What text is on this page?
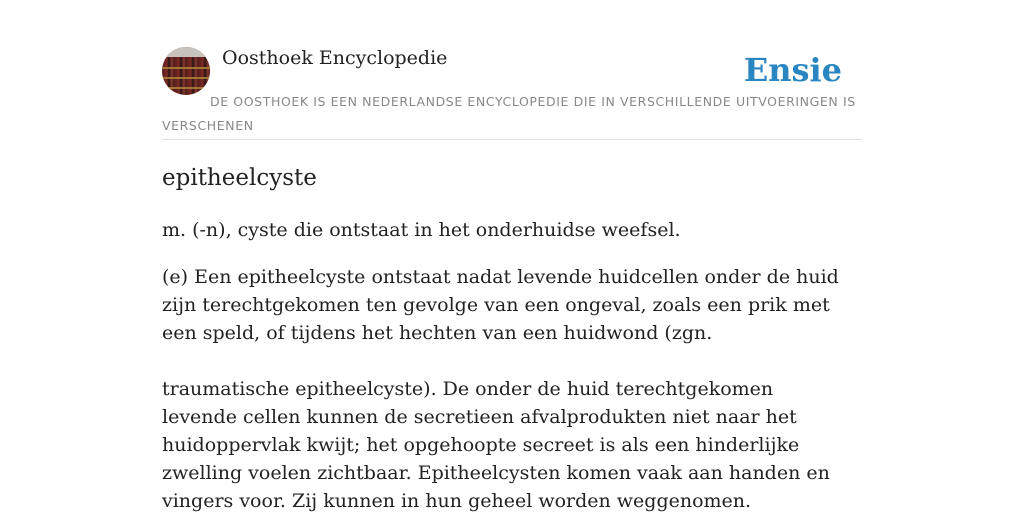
Oosthoek Encyclopedie	Ensie

DE OOSTHOEK IS EEN NEDERLANDSE ENCYCLOPEDIE DIE IN VERSCHILLENDE UITVOERINGEN IS VERSCHENEN

epitheelcyste

m. (-n), cyste die ontstaat in het onderhuidse weefsel.

(e) Een epitheelcyste ontstaat nadat levende huidcellen onder de huid zijn terechtgekomen ten gevolge van een ongeval, zoals een prik met een speld, of tijdens het hechten van een huidwond (zgn.

traumatische epitheelcyste). De onder de huid terechtgekomen levende cellen kunnen de secretieen afvalprodukten niet naar het huidoppervlak kwijt; het opgehoopte secreet is als een hinderlijke zwelling voelen zichtbaar. Epitheelcysten komen vaak aan handen en vingers voor. Zij kunnen in hun geheel worden weggenomen.
